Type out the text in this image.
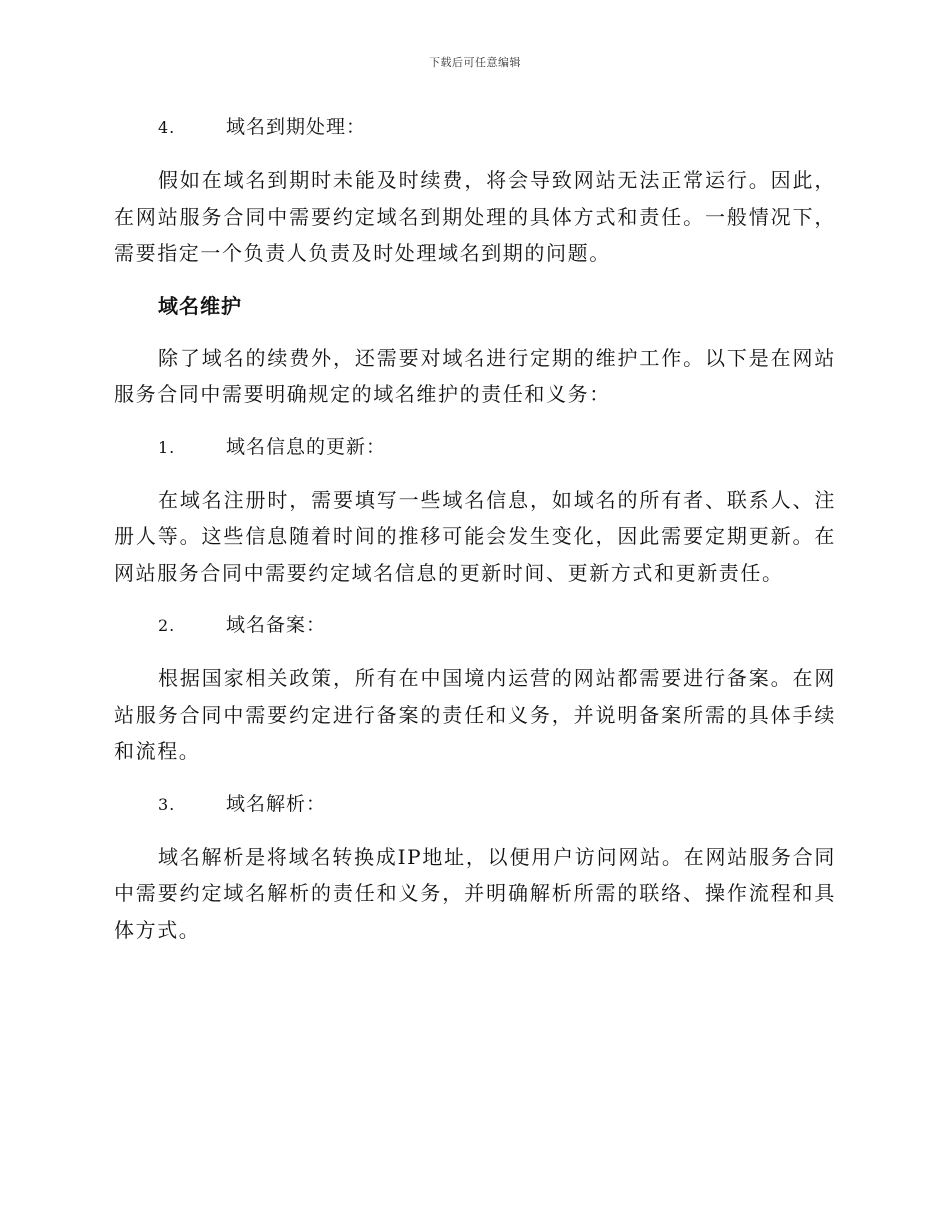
下载后可任意编辑
4.	域名到期处理：

假如在域名到期时未能及时续费，将会导致网站无法正常运行。因此，在网站服务合同中需要约定域名到期处理的具体方式和责任。一般情况下，需要指定一个负责人负责及时处理域名到期的问题。

域名维护

除了域名的续费外，还需要对域名进行定期的维护工作。以下是在网站服务合同中需要明确规定的域名维护的责任和义务：

1.	域名信息的更新：

在域名注册时，需要填写一些域名信息，如域名的所有者、联系人、注册人等。这些信息随着时间的推移可能会发生变化，因此需要定期更新。在网站服务合同中需要约定域名信息的更新时间、更新方式和更新责任。

2.	域名备案：

根据国家相关政策，所有在中国境内运营的网站都需要进行备案。在网站服务合同中需要约定进行备案的责任和义务，并说明备案所需的具体手续和流程。

3.	域名解析：

域名解析是将域名转换成IP地址，以便用户访问网站。在网站服务合同中需要约定域名解析的责任和义务，并明确解析所需的联络、操作流程和具体方式。
